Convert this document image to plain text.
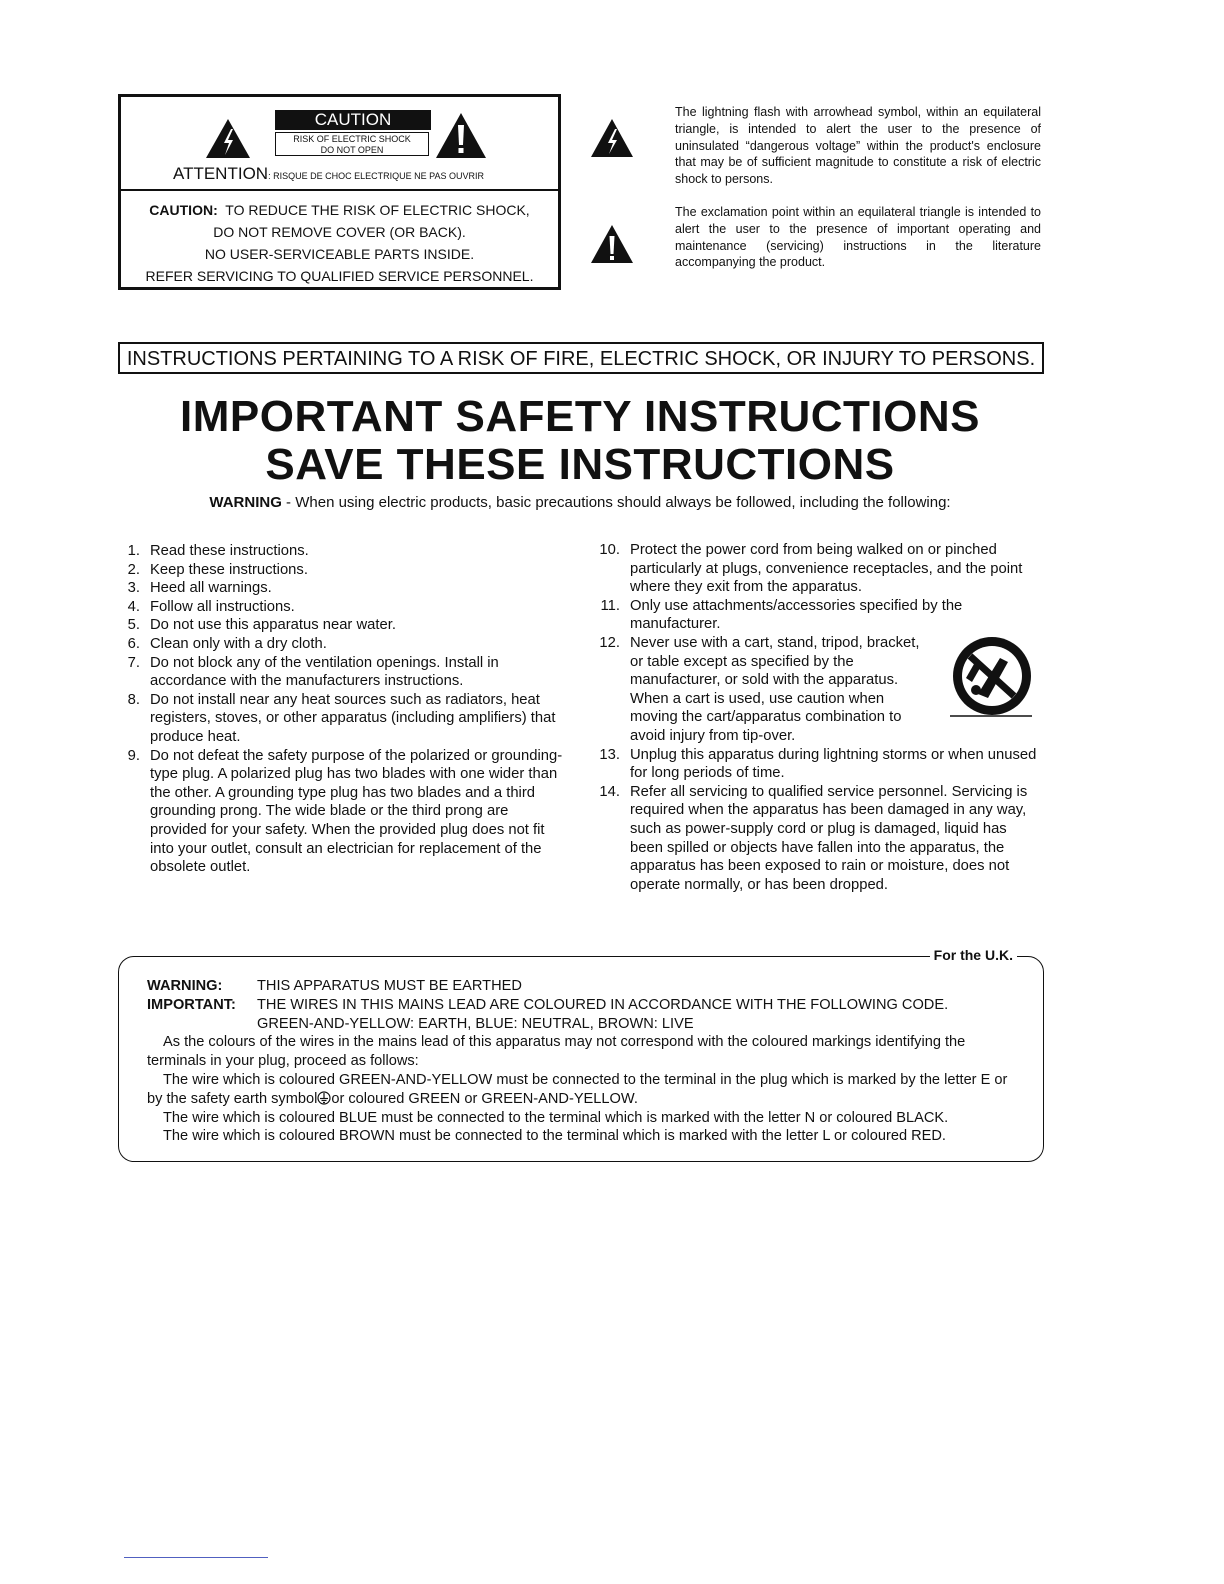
CAUTION
RISK OF ELECTRIC SHOCK
DO NOT OPEN
ATTENTION: RISQUE DE CHOC ELECTRIQUE NE PAS OUVRIR
CAUTION: TO REDUCE THE RISK OF ELECTRIC SHOCK,
DO NOT REMOVE COVER (OR BACK).
NO USER-SERVICEABLE PARTS INSIDE.
REFER SERVICING TO QUALIFIED SERVICE PERSONNEL.
The lightning flash with arrowhead symbol, within an equilateral triangle, is intended to alert the user to the presence of uninsulated “dangerous voltage” within the product's enclosure that may be of sufficient magnitude to constitute a risk of electric shock to persons.
The exclamation point within an equilateral triangle is intended to alert the user to the presence of important operating and maintenance (servicing) instructions in the literature accompanying the product.
INSTRUCTIONS PERTAINING TO A RISK OF FIRE, ELECTRIC SHOCK, OR INJURY TO PERSONS.
IMPORTANT SAFETY INSTRUCTIONS
SAVE THESE INSTRUCTIONS
WARNING - When using electric products, basic precautions should always be followed, including the following:
1. Read these instructions.
2. Keep these instructions.
3. Heed all warnings.
4. Follow all instructions.
5. Do not use this apparatus near water.
6. Clean only with a dry cloth.
7. Do not block any of the ventilation openings. Install in accordance with the manufacturers instructions.
8. Do not install near any heat sources such as radiators, heat registers, stoves, or other apparatus (including amplifiers) that produce heat.
9. Do not defeat the safety purpose of the polarized or grounding-type plug. A polarized plug has two blades with one wider than the other. A grounding type plug has two blades and a third grounding prong. The wide blade or the third prong are provided for your safety. When the provided plug does not fit into your outlet, consult an electrician for replacement of the obsolete outlet.
10. Protect the power cord from being walked on or pinched particularly at plugs, convenience receptacles, and the point where they exit from the apparatus.
11. Only use attachments/accessories specified by the manufacturer.
12. Never use with a cart, stand, tripod, bracket, or table except as specified by the manufacturer, or sold with the apparatus. When a cart is used, use caution when moving the cart/apparatus combination to avoid injury from tip-over.
13. Unplug this apparatus during lightning storms or when unused for long periods of time.
14. Refer all servicing to qualified service personnel. Servicing is required when the apparatus has been damaged in any way, such as power-supply cord or plug is damaged, liquid has been spilled or objects have fallen into the apparatus, the apparatus has been exposed to rain or moisture, does not operate normally, or has been dropped.
For the U.K.
WARNING:	THIS APPARATUS MUST BE EARTHED
IMPORTANT:	THE WIRES IN THIS MAINS LEAD ARE COLOURED IN ACCORDANCE WITH THE FOLLOWING CODE.
GREEN-AND-YELLOW: EARTH, BLUE: NEUTRAL, BROWN: LIVE
As the colours of the wires in the mains lead of this apparatus may not correspond with the coloured markings identifying the terminals in your plug, proceed as follows:
The wire which is coloured GREEN-AND-YELLOW must be connected to the terminal in the plug which is marked by the letter E or by the safety earth symbol or coloured GREEN or GREEN-AND-YELLOW.
The wire which is coloured BLUE must be connected to the terminal which is marked with the letter N or coloured BLACK.
The wire which is coloured BROWN must be connected to the terminal which is marked with the letter L or coloured RED.
